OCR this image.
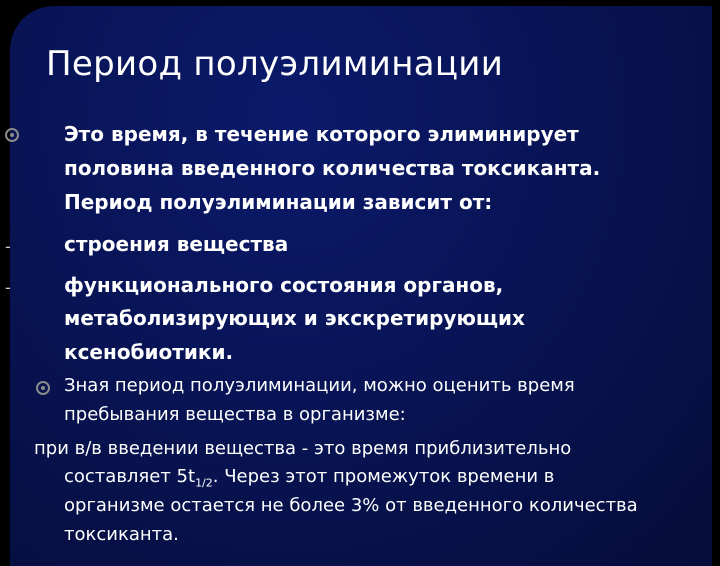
Период полуэлиминации
Это время, в течение которого элиминирует
половина введенного количества токсиканта.
Период полуэлиминации зависит от:
-	строения вещества
-	функционального состояния органов,
метаболизирующих и экскретирующих
ксенобиотики.
Зная период полуэлиминации, можно оценить время
пребывания вещества в организме:
при в/в введении вещества - это время приблизительно
составляет $5t_{1/2}$. Через этот промежуток времени в
организме остается не более 3% от введенного количества
токсиканта.
